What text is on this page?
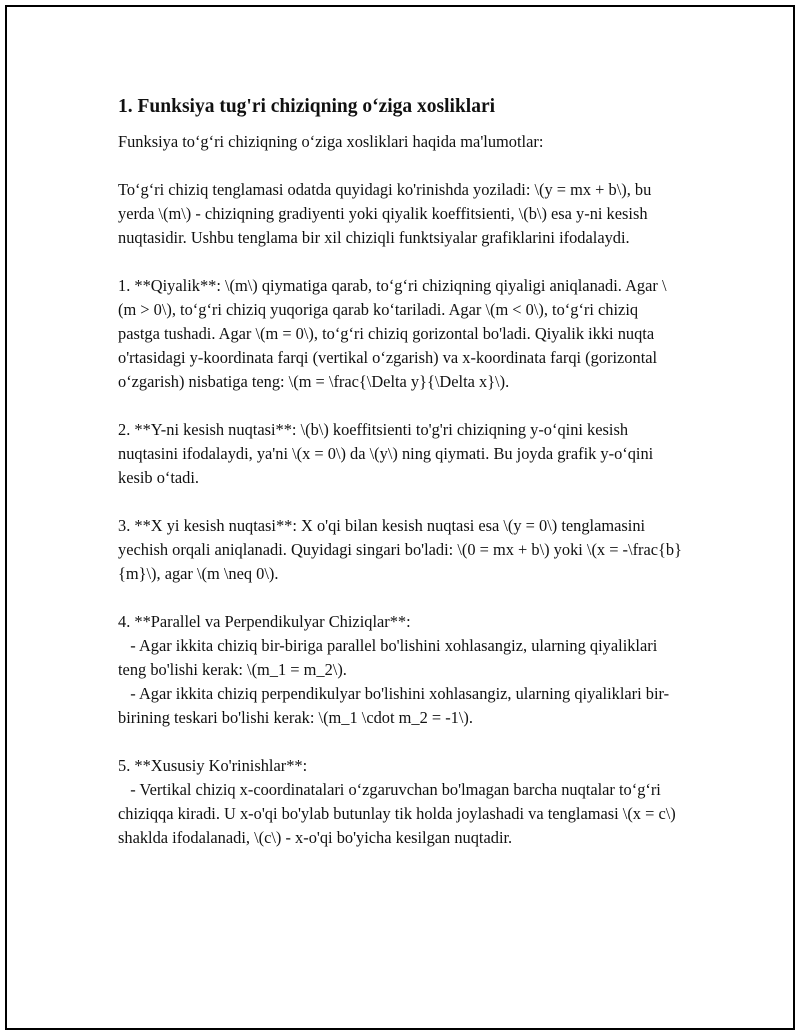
1. Funksiya tug'ri chiziqning o‘ziga xosliklari

Funksiya to‘g‘ri chiziqning o‘ziga xosliklari haqida ma'lumotlar:

To‘g‘ri chiziq tenglamasi odatda quyidagi ko'rinishda yoziladi: \(y = mx + b\), bu yerda \(m\) - chiziqning gradiyenti yoki qiyalik koeffitsienti, \(b\) esa y-ni kesish nuqtasidir. Ushbu tenglama bir xil chiziqli funktsiyalar grafiklarini ifodalaydi.

1. **Qiyalik**: \(m\) qiymatiga qarab, to‘g‘ri chiziqning qiyaligi aniqlanadi. Agar \(m > 0\), to‘g‘ri chiziq yuqoriga qarab ko‘tariladi. Agar \(m < 0\), to‘g‘ri chiziq pastga tushadi. Agar \(m = 0\), to‘g‘ri chiziq gorizontal bo'ladi. Qiyalik ikki nuqta o'rtasidagi y-koordinata farqi (vertikal o‘zgarish) va x-koordinata farqi (gorizontal o‘zgarish) nisbatiga teng: \(m = \frac{\Delta y}{\Delta x}\).

2. **Y-ni kesish nuqtasi**: \(b\) koeffitsienti to'g'ri chiziqning y-o‘qini kesish nuqtasini ifodalaydi, ya'ni \(x = 0\) da \(y\) ning qiymati. Bu joyda grafik y-o‘qini kesib o‘tadi.

3. **X yi kesish nuqtasi**: X o'qi bilan kesish nuqtasi esa \(y = 0\) tenglamasini yechish orqali aniqlanadi. Quyidagi singari bo'ladi: \(0 = mx + b\) yoki \(x = -\frac{b}{m}\), agar \(m \neq 0\).

4. **Parallel va Perpendikulyar Chiziqlar**:
- Agar ikkita chiziq bir-biriga parallel bo'lishini xohlasangiz, ularning qiyaliklari teng bo'lishi kerak: \(m_1 = m_2\).
- Agar ikkita chiziq perpendikulyar bo'lishini xohlasangiz, ularning qiyaliklari bir-birining teskari bo'lishi kerak: \(m_1 \cdot m_2 = -1\).

5. **Xususiy Ko'rinishlar**:
- Vertikal chiziq x-coordinatalari o‘zgaruvchan bo'lmagan barcha nuqtalar to‘g‘ri chiziqqa kiradi. U x-o'qi bo'ylab butunlay tik holda joylashadi va tenglamasi \(x = c\) shaklda ifodalanadi, \(c\) - x-o'qi bo'yicha kesilgan nuqtadir.
